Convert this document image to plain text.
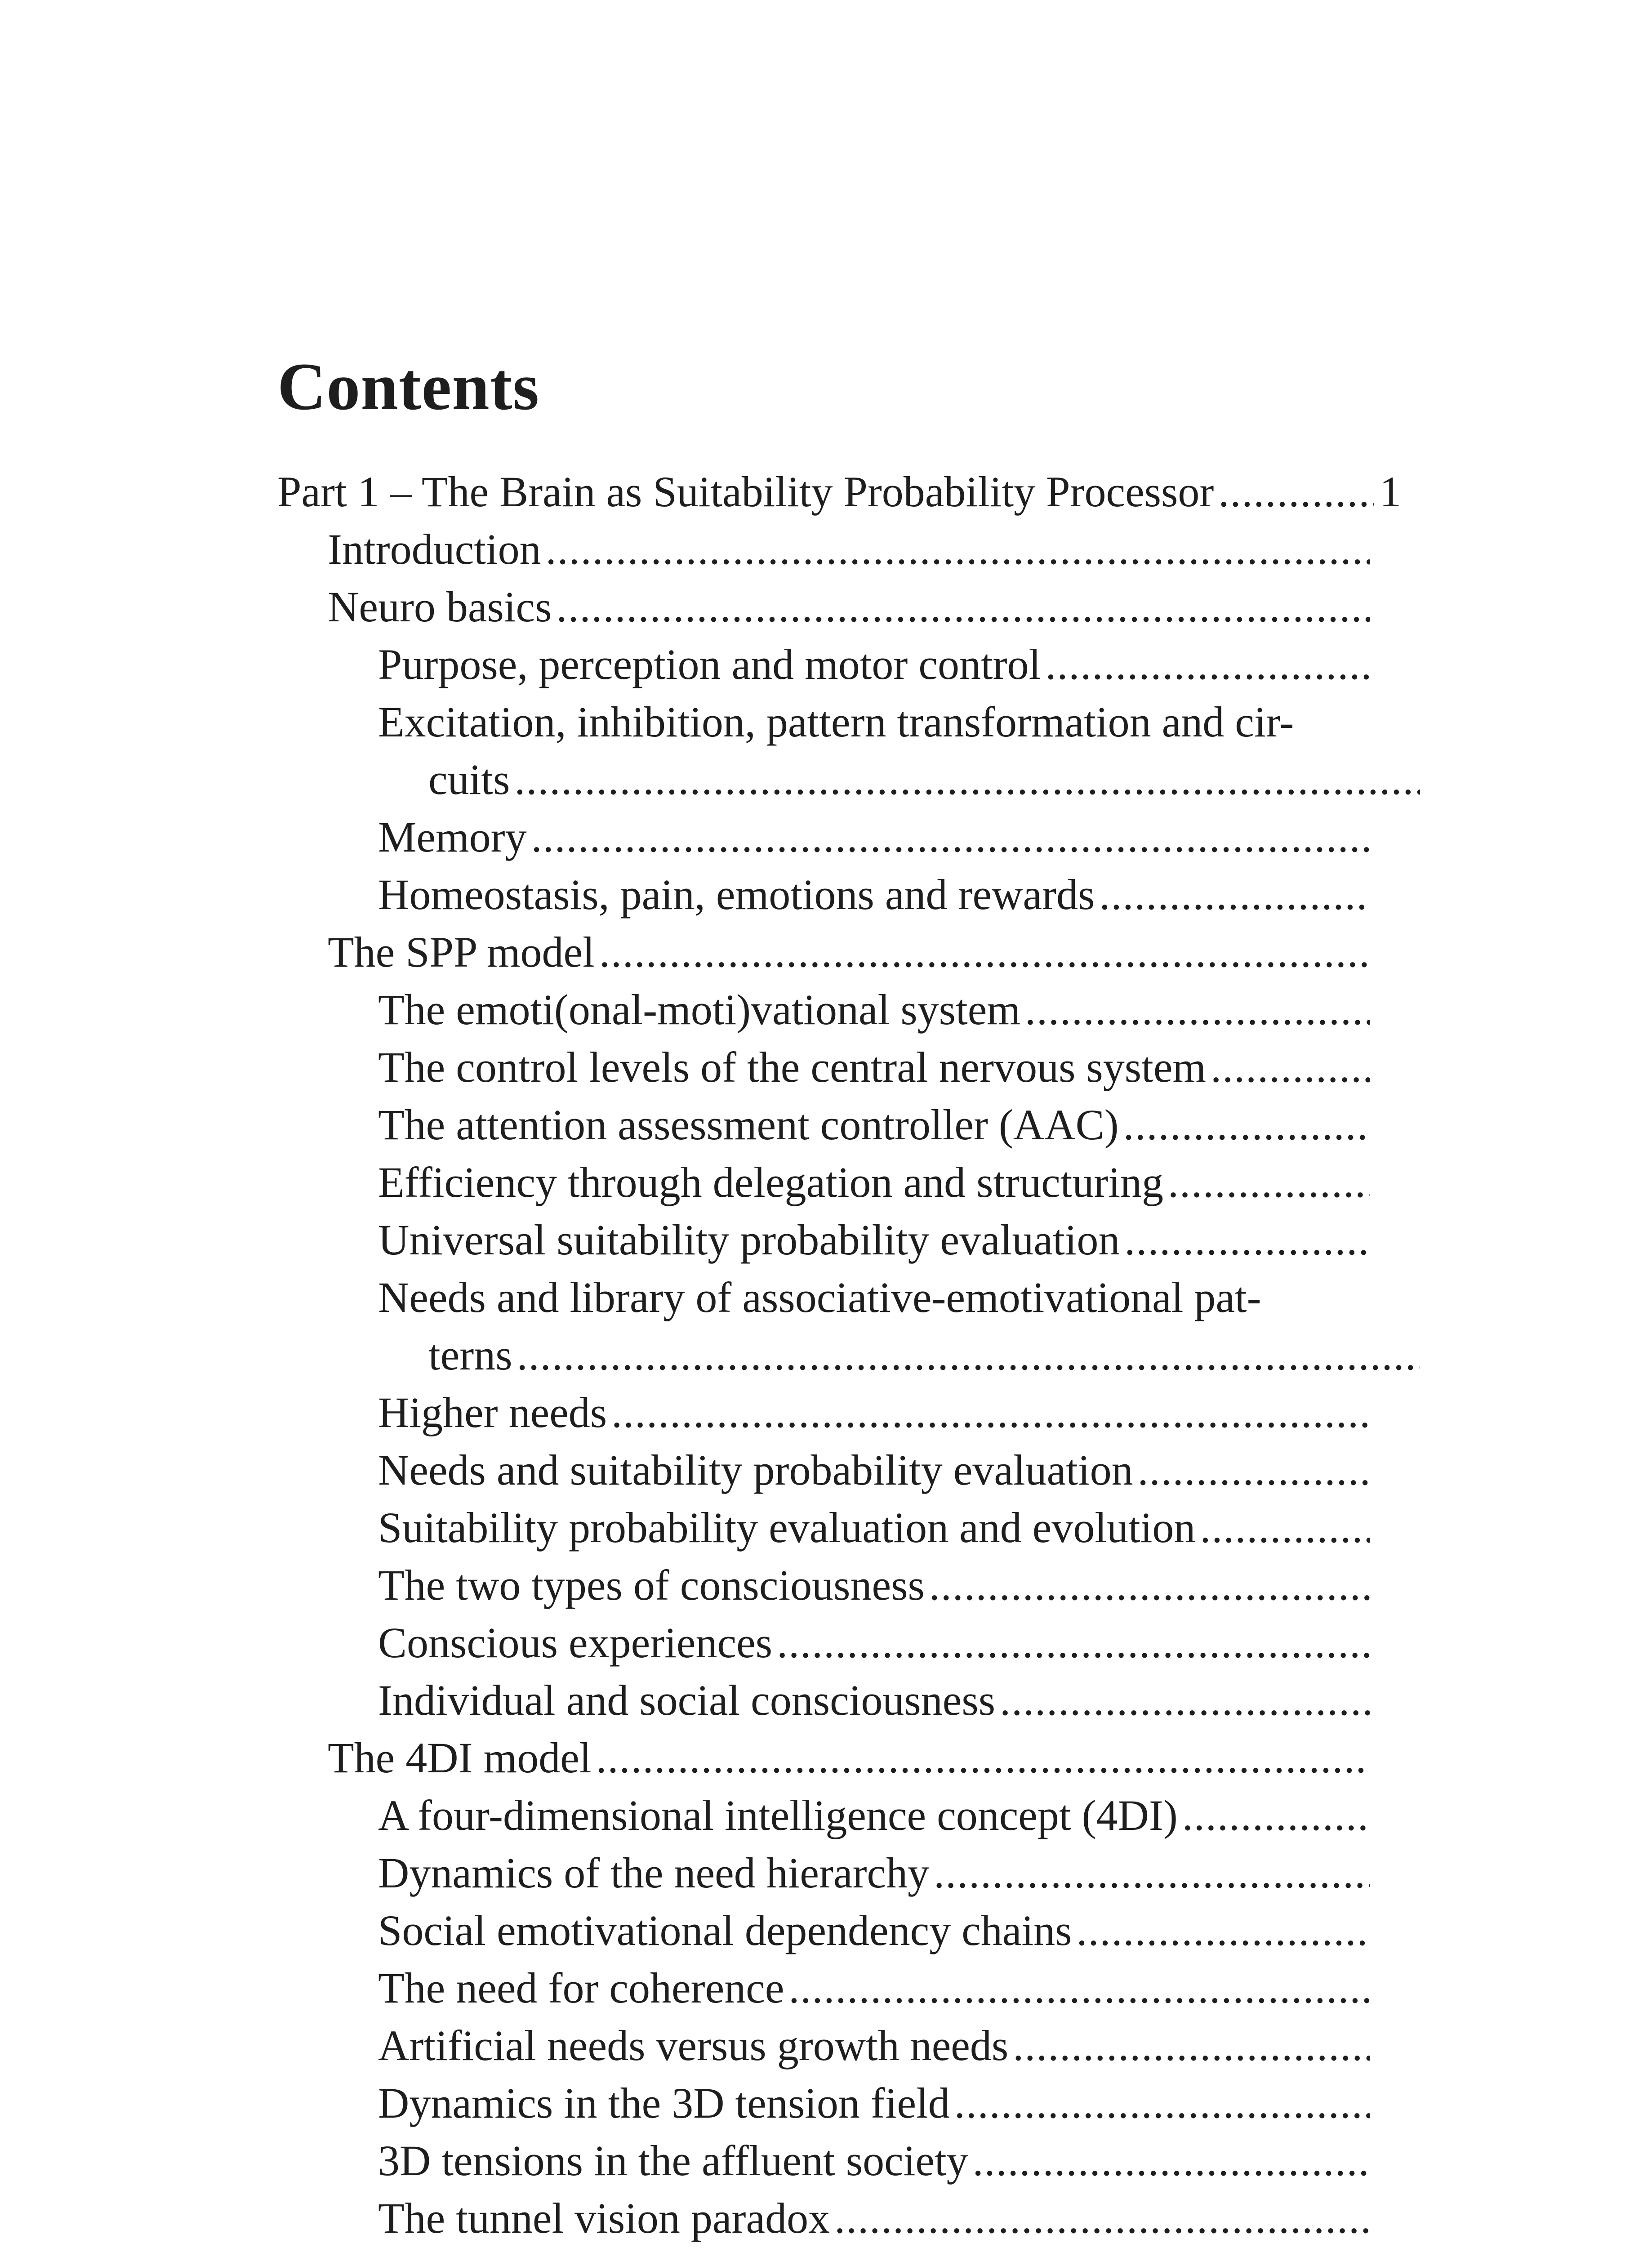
Contents
Part 1 – The Brain as Suitability Probability Processor
.....	1
Introduction
.....
Neuro basics
.....
Purpose, perception and motor control
.....
Excitation, inhibition, pattern transformation and cir-
cuits
.....
Memory
.....
Homeostasis, pain, emotions and rewards
.....
The SPP model
.....
The emoti(onal-moti)vational system
.....
The control levels of the central nervous system
.....
The attention assessment controller (AAC)
.....
Efficiency through delegation and structuring
.....
Universal suitability probability evaluation
.....
Needs and library of associative-emotivational pat-
terns
.....
Higher needs
.....
Needs and suitability probability evaluation
.....
Suitability probability evaluation and evolution
.....
The two types of consciousness
.....
Conscious experiences
.....
Individual and social consciousness
.....
The 4DI model
.....
A four-dimensional intelligence concept (4DI)
.....
Dynamics of the need hierarchy
.....
Social emotivational dependency chains
.....
The need for coherence
.....
Artificial needs versus growth needs
.....
Dynamics in the 3D tension field
.....
3D tensions in the affluent society
.....
The tunnel vision paradox
.....
.....
